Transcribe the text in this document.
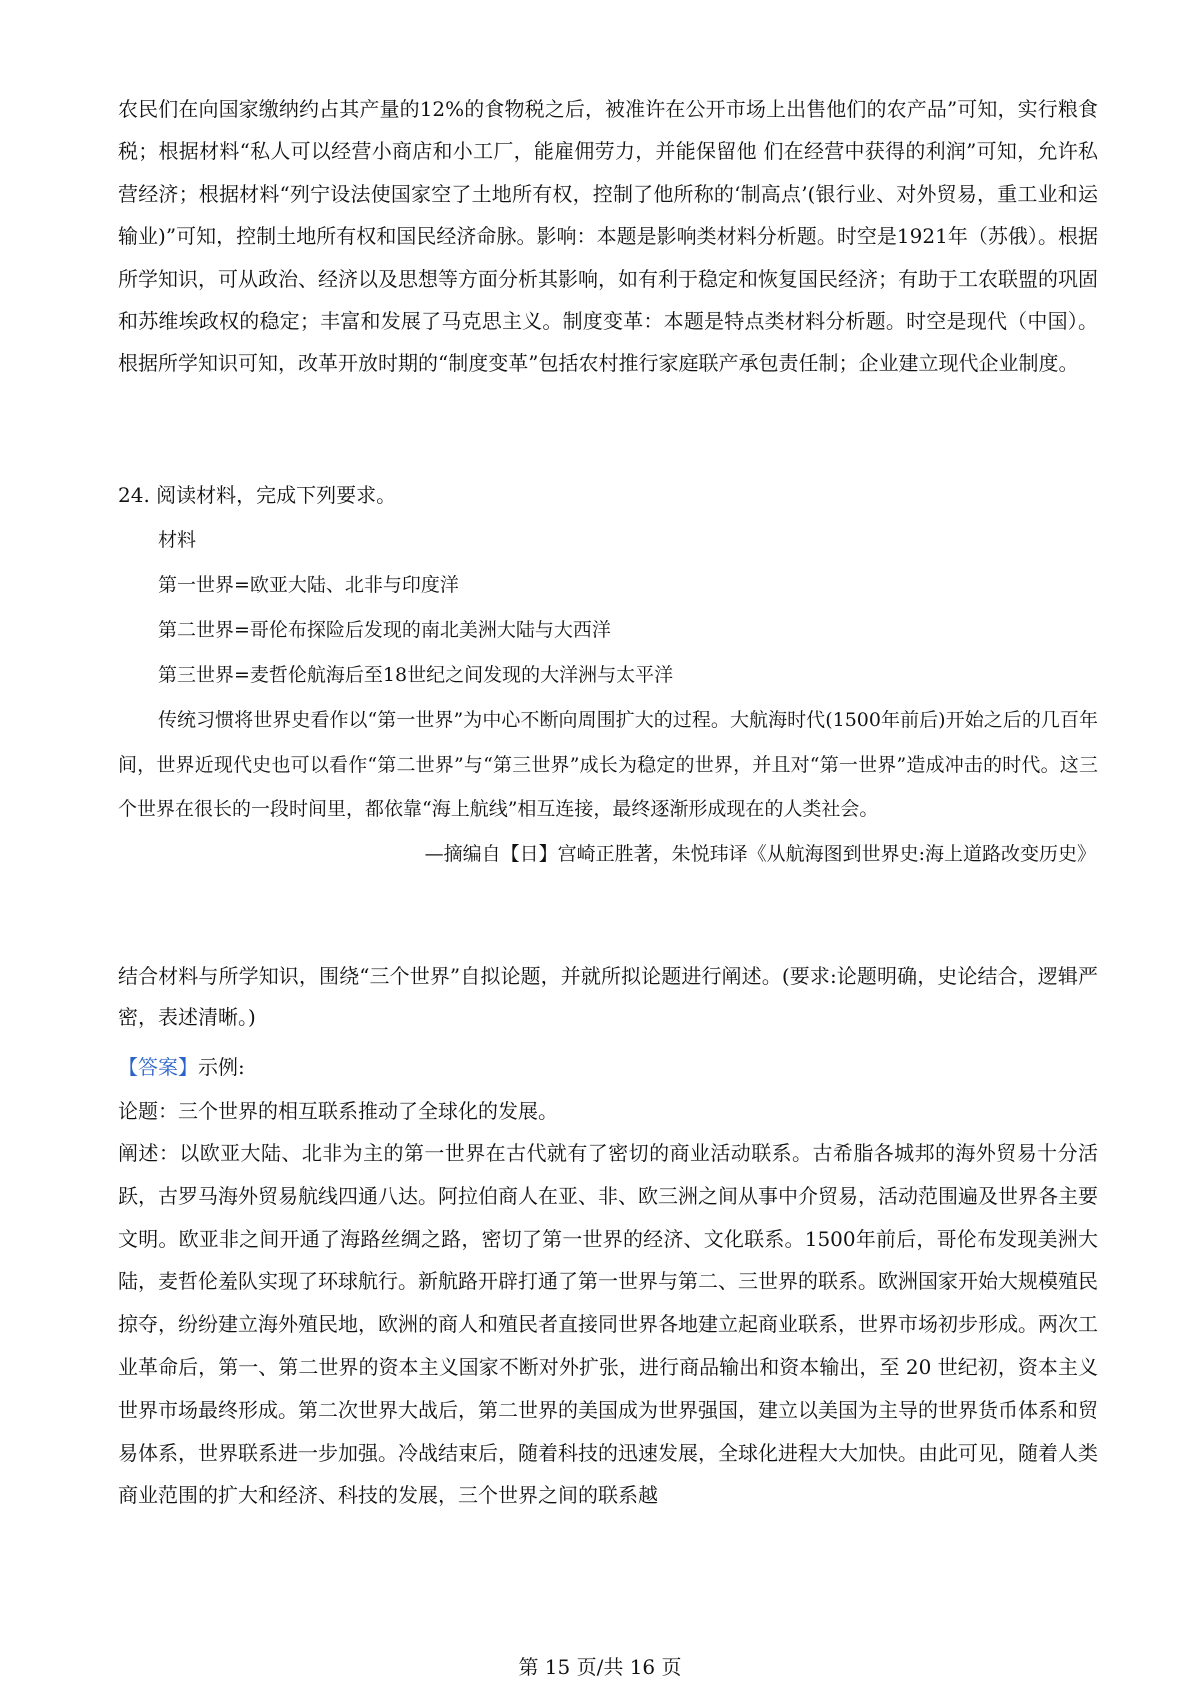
农民们在向国家缴纳约占其产量的12%的食物税之后，被准许在公开市场上出售他们的农产品”可知，实行粮食税；根据材料“私人可以经营小商店和小工厂，能雇佣劳力，并能保留他 们在经营中获得的利润”可知，允许私营经济；根据材料“列宁设法使国家空了土地所有权，控制了他所称的‘制高点’(银行业、对外贸易，重工业和运输业)”可知，控制土地所有权和国民经济命脉。影响：本题是影响类材料分析题。时空是1921年（苏俄）。根据所学知识，可从政治、经济以及思想等方面分析其影响，如有利于稳定和恢复国民经济；有助于工农联盟的巩固和苏维埃政权的稳定；丰富和发展了马克思主义。制度变革：本题是特点类材料分析题。时空是现代（中国）。根据所学知识可知，改革开放时期的“制度变革”包括农村推行家庭联产承包责任制；企业建立现代企业制度。
24. 阅读材料，完成下列要求。
材料
第一世界=欧亚大陆、北非与印度洋
第二世界=哥伦布探险后发现的南北美洲大陆与大西洋
第三世界=麦哲伦航海后至18世纪之间发现的大洋洲与太平洋
传统习惯将世界史看作以“第一世界”为中心不断向周围扩大的过程。大航海时代(1500年前后)开始之后的几百年间，世界近现代史也可以看作“第二世界”与“第三世界”成长为稳定的世界，并且对“第一世界”造成冲击的时代。这三个世界在很长的一段时间里，都依靠“海上航线”相互连接，最终逐渐形成现在的人类社会。
—摘编自【日】宫崎正胜著，朱悦玮译《从航海图到世界史:海上道路改变历史》
结合材料与所学知识，围绕“三个世界”自拟论题，并就所拟论题进行阐述。(要求:论题明确，史论结合，逻辑严密，表述清晰。)
【答案】示例:
论题：三个世界的相互联系推动了全球化的发展。
阐述：以欧亚大陆、北非为主的第一世界在古代就有了密切的商业活动联系。古希脂各城邦的海外贸易十分活跃，古罗马海外贸易航线四通八达。阿拉伯商人在亚、非、欧三洲之间从事中介贸易，活动范围遍及世界各主要文明。欧亚非之间开通了海路丝绸之路，密切了第一世界的经济、文化联系。1500年前后，哥伦布发现美洲大陆，麦哲伦羞队实现了环球航行。新航路开辟打通了第一世界与第二、三世界的联系。欧洲国家开始大规模殖民掠夺，纷纷建立海外殖民地，欧洲的商人和殖民者直接同世界各地建立起商业联系，世界市场初步形成。两次工业革命后，第一、第二世界的资本主义国家不断对外扩张，进行商品输出和资本输出，至 20 世纪初，资本主义世界市场最终形成。第二次世界大战后，第二世界的美国成为世界强国，建立以美国为主导的世界货币体系和贸易体系，世界联系进一步加强。冷战结束后，随着科技的迅速发展，全球化进程大大加快。由此可见，随着人类商业范围的扩大和经济、科技的发展，三个世界之间的联系越
第 15 页/共 16 页
